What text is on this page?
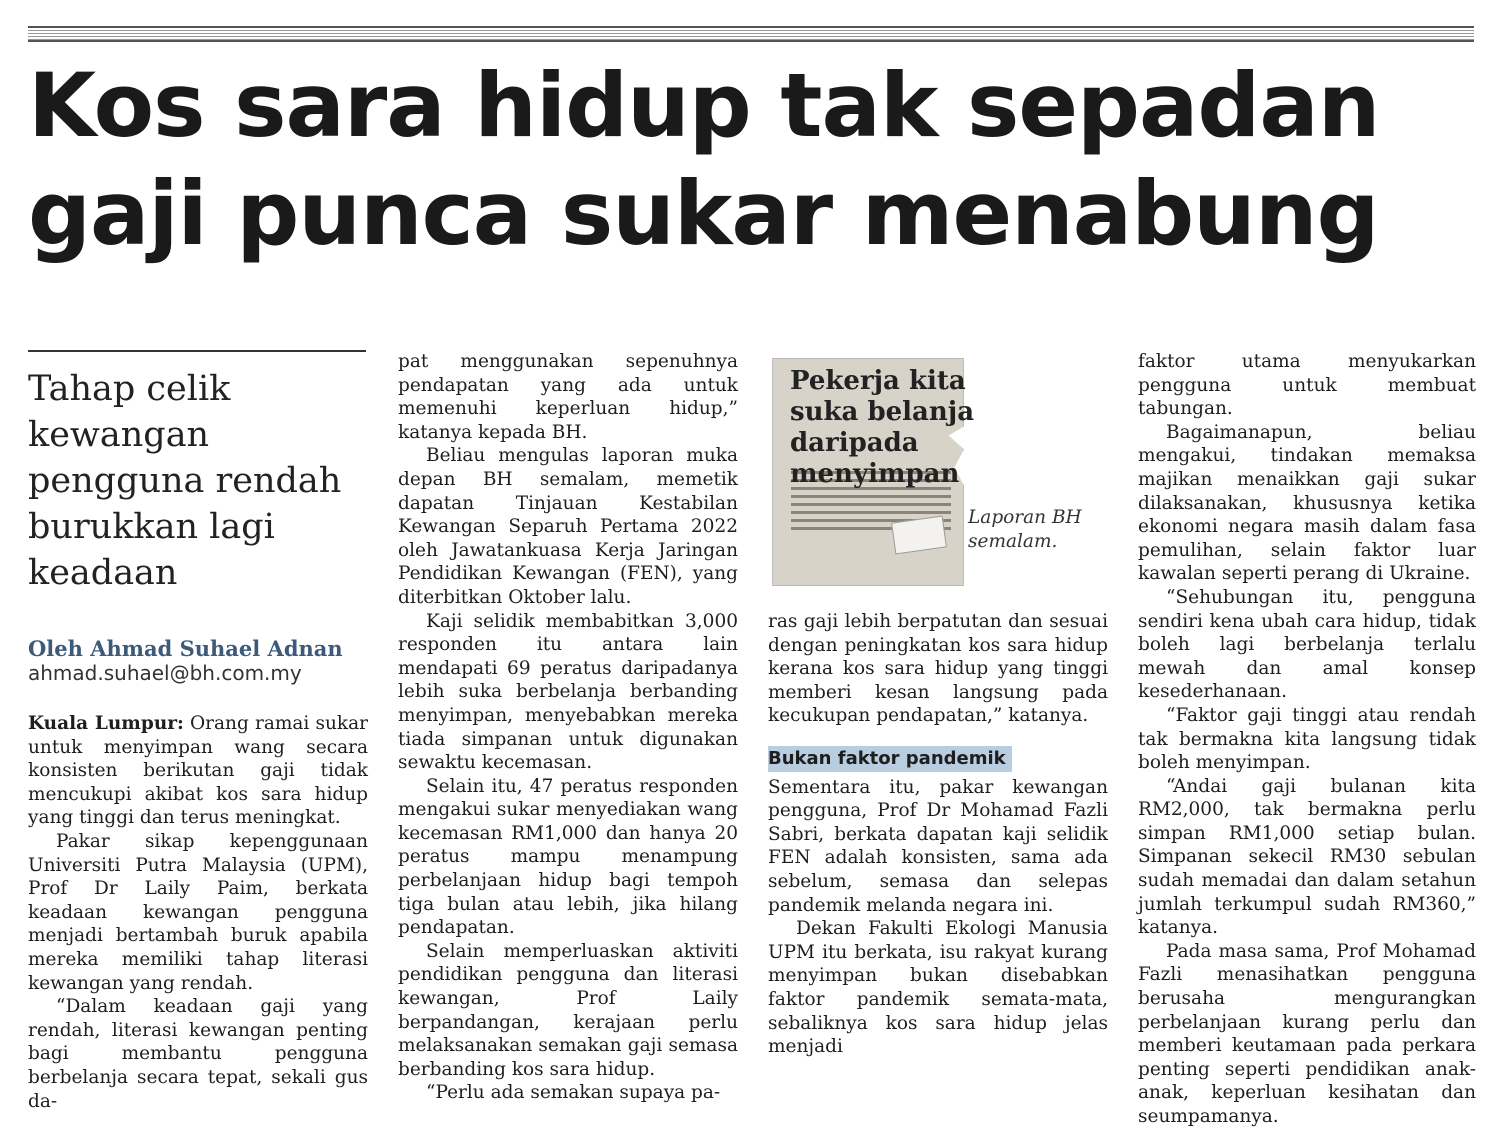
Kos sara hidup tak sepadan
gaji punca sukar menabung

Tahap celik kewangan pengguna rendah burukkan lagi keadaan

Oleh Ahmad Suhael Adnan
ahmad.suhael@bh.com.my

Kuala Lumpur: Orang ramai sukar untuk menyimpan wang secara konsisten berikutan gaji tidak mencukupi akibat kos sara hidup yang tinggi dan terus meningkat.

Pakar sikap kepenggunaan Universiti Putra Malaysia (UPM), Prof Dr Laily Paim, berkata keadaan kewangan pengguna menjadi bertambah buruk apabila mereka memiliki tahap literasi kewangan yang rendah.

“Dalam keadaan gaji yang rendah, literasi kewangan penting bagi membantu pengguna berbelanja secara tepat, sekali gus da-

pat menggunakan sepenuhnya pendapatan yang ada untuk memenuhi keperluan hidup,” katanya kepada BH.

Beliau mengulas laporan muka depan BH semalam, memetik dapatan Tinjauan Kestabilan Kewangan Separuh Pertama 2022 oleh Jawatankuasa Kerja Jaringan Pendidikan Kewangan (FEN), yang diterbitkan Oktober lalu.

Kaji selidik membabitkan 3,000 responden itu antara lain mendapati 69 peratus daripadanya lebih suka berbelanja berbanding menyimpan, menyebabkan mereka tiada simpanan untuk digunakan sewaktu kecemasan.

Selain itu, 47 peratus responden mengakui sukar menyediakan wang kecemasan RM1,000 dan hanya 20 peratus mampu menampung perbelanjaan hidup bagi tempoh tiga bulan atau lebih, jika hilang pendapatan.

Selain memperluaskan aktiviti pendidikan pengguna dan literasi kewangan, Prof Laily berpandangan, kerajaan perlu melaksanakan semakan gaji semasa berbanding kos sara hidup.

“Perlu ada semakan supaya pa-

Pekerja kita suka belanja daripada menyimpan
Laporan BH semalam.

ras gaji lebih berpatutan dan sesuai dengan peningkatan kos sara hidup kerana kos sara hidup yang tinggi memberi kesan langsung pada kecukupan pendapatan,” katanya.

Bukan faktor pandemik

Sementara itu, pakar kewangan pengguna, Prof Dr Mohamad Fazli Sabri, berkata dapatan kaji selidik FEN adalah konsisten, sama ada sebelum, semasa dan selepas pandemik melanda negara ini.

Dekan Fakulti Ekologi Manusia UPM itu berkata, isu rakyat kurang menyimpan bukan disebabkan faktor pandemik semata-mata, sebaliknya kos sara hidup jelas menjadi

faktor utama menyukarkan pengguna untuk membuat tabungan.

Bagaimanapun, beliau mengakui, tindakan memaksa majikan menaikkan gaji sukar dilaksanakan, khususnya ketika ekonomi negara masih dalam fasa pemulihan, selain faktor luar kawalan seperti perang di Ukraine.

“Sehubungan itu, pengguna sendiri kena ubah cara hidup, tidak boleh lagi berbelanja terlalu mewah dan amal konsep kesederhanaan.

“Faktor gaji tinggi atau rendah tak bermakna kita langsung tidak boleh menyimpan.

“Andai gaji bulanan kita RM2,000, tak bermakna perlu simpan RM1,000 setiap bulan. Simpanan sekecil RM30 sebulan sudah memadai dan dalam setahun jumlah terkumpul sudah RM360,” katanya.

Pada masa sama, Prof Mohamad Fazli menasihatkan pengguna berusaha mengurangkan perbelanjaan kurang perlu dan memberi keutamaan pada perkara penting seperti pendidikan anak-anak, keperluan kesihatan dan seumpamanya.
